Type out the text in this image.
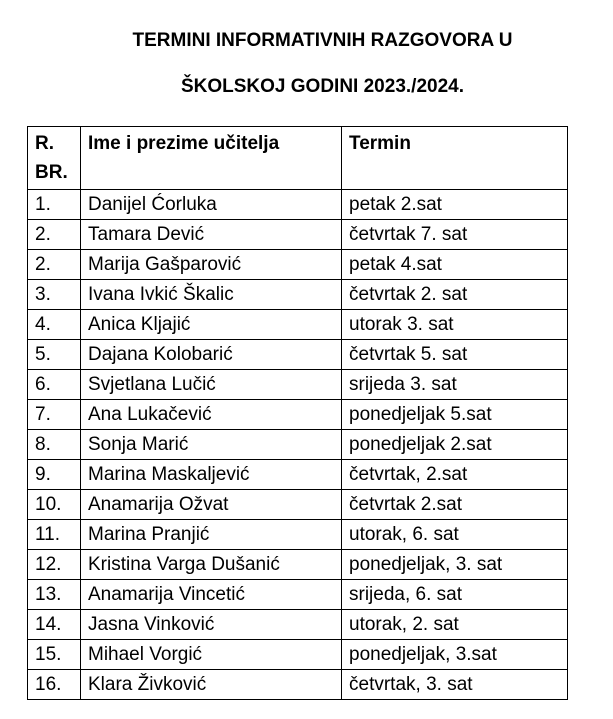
TERMINI INFORMATIVNIH RAZGOVORA U
ŠKOLSKOJ GODINI 2023./2024.
R.
BR.	Ime i prezime učitelja	Termin
1.	Danijel Ćorluka	petak 2.sat
2.	Tamara Dević	četvrtak 7. sat
2.	Marija Gašparović	petak 4.sat
3.	Ivana Ivkić Škalic	četvrtak 2. sat
4.	Anica Kljajić	utorak 3. sat
5.	Dajana Kolobarić	četvrtak 5. sat
6.	Svjetlana Lučić	srijeda 3. sat
7.	Ana Lukačević	ponedjeljak 5.sat
8.	Sonja Marić	ponedjeljak 2.sat
9.	Marina Maskaljević	četvrtak, 2.sat
10.	Anamarija Ožvat	četvrtak 2.sat
11.	Marina Pranjić	utorak, 6. sat
12.	Kristina Varga Dušanić	ponedjeljak, 3. sat
13.	Anamarija Vincetić	srijeda, 6. sat
14.	Jasna Vinković	utorak, 2. sat
15.	Mihael Vorgić	ponedjeljak, 3.sat
16.	Klara Živković	četvrtak, 3. sat
